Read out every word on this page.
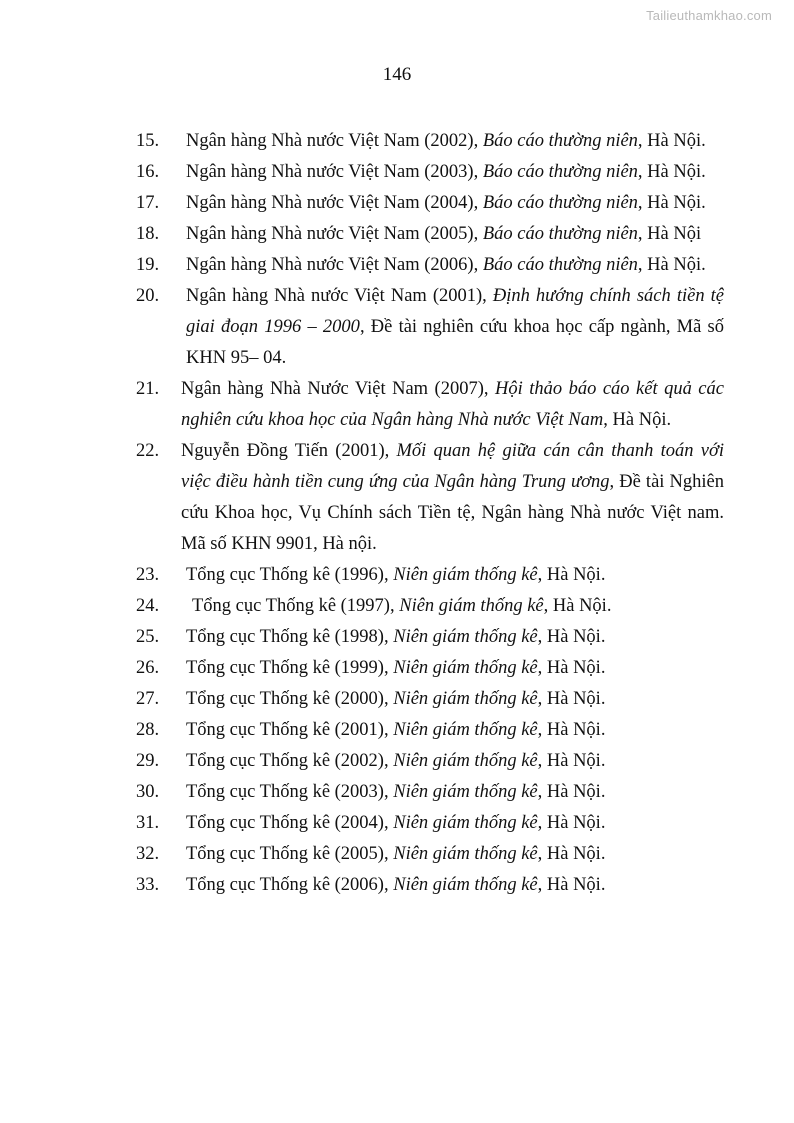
Tailieuthamkhao.com
146
15.	Ngân hàng Nhà nước Việt Nam (2002), Báo cáo thường niên, Hà Nội.
16.	Ngân hàng Nhà nước Việt Nam (2003), Báo cáo thường niên, Hà Nội.
17.	Ngân hàng Nhà nước Việt Nam (2004), Báo cáo thường niên, Hà Nội.
18.	Ngân hàng Nhà nước Việt Nam (2005), Báo cáo thường niên, Hà Nội
19.	Ngân hàng Nhà nước Việt Nam (2006), Báo cáo thường niên, Hà Nội.
20.	Ngân hàng Nhà nước Việt Nam (2001), Định hướng chính sách tiền tệ giai đoạn 1996 – 2000, Đề tài nghiên cứu khoa học cấp ngành, Mã số KHN 95– 04.
21.	Ngân hàng Nhà Nước Việt Nam (2007), Hội thảo báo cáo kết quả các nghiên cứu khoa học của Ngân hàng Nhà nước Việt Nam, Hà Nội.
22.	Nguyễn Đồng Tiến (2001), Mối quan hệ giữa cán cân thanh toán với việc điều hành tiền cung ứng của Ngân hàng Trung ương, Đề tài Nghiên cứu Khoa học, Vụ Chính sách Tiền tệ, Ngân hàng Nhà nước Việt nam. Mã số KHN 9901, Hà nội.
23.	Tổng cục Thống kê (1996), Niên giám thống kê, Hà Nội.
24.	Tổng cục Thống kê (1997), Niên giám thống kê, Hà Nội.
25.	Tổng cục Thống kê (1998), Niên giám thống kê, Hà Nội.
26.	Tổng cục Thống kê (1999), Niên giám thống kê, Hà Nội.
27.	Tổng cục Thống kê (2000), Niên giám thống kê, Hà Nội.
28.	Tổng cục Thống kê (2001), Niên giám thống kê, Hà Nội.
29.	Tổng cục Thống kê (2002), Niên giám thống kê, Hà Nội.
30.	Tổng cục Thống kê (2003), Niên giám thống kê, Hà Nội.
31.	Tổng cục Thống kê (2004), Niên giám thống kê, Hà Nội.
32.	Tổng cục Thống kê (2005), Niên giám thống kê, Hà Nội.
33.	Tổng cục Thống kê (2006), Niên giám thống kê, Hà Nội.
